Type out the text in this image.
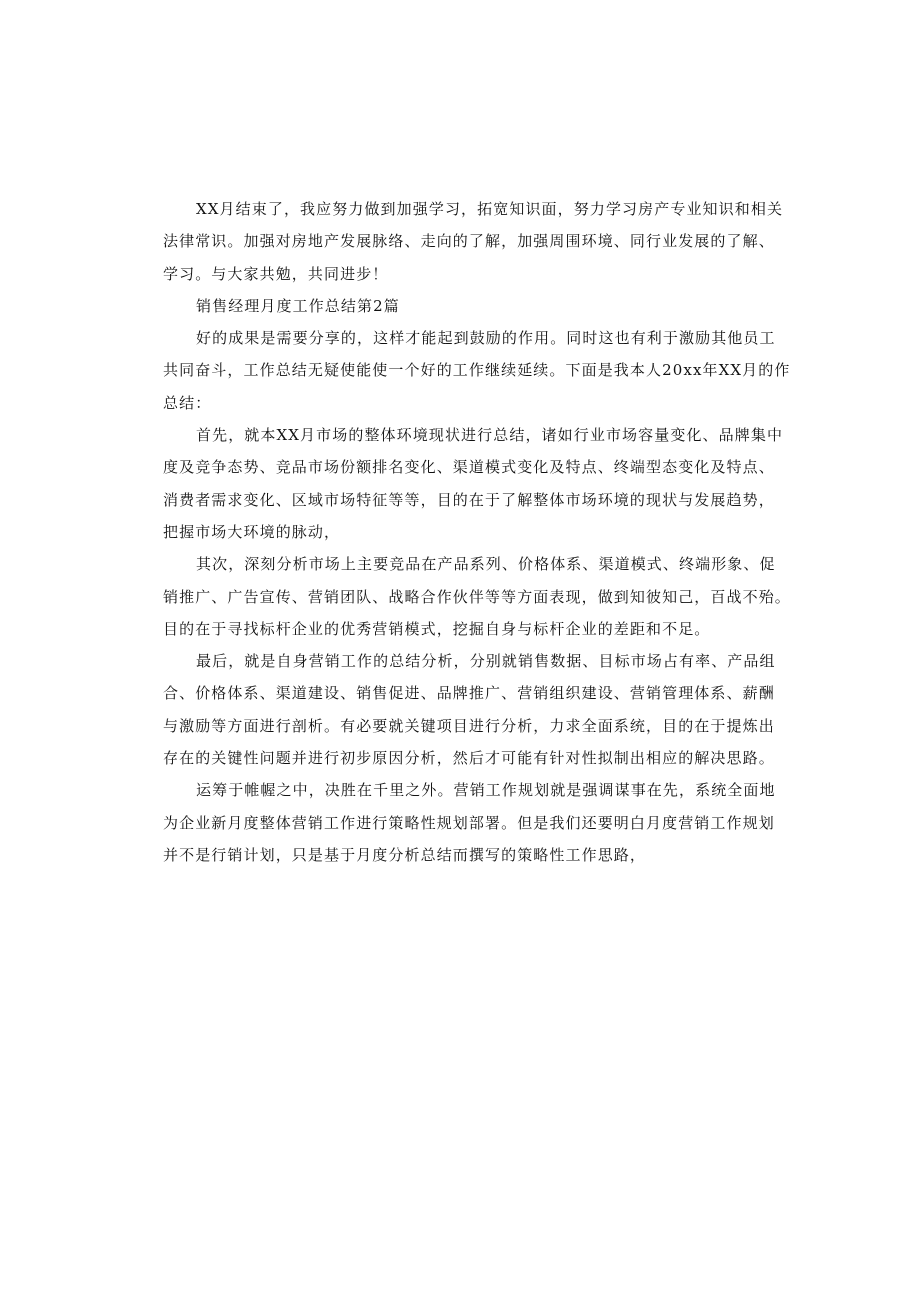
XX月结束了，我应努力做到加强学习，拓宽知识面，努力学习房产专业知识和相关
法律常识。加强对房地产发展脉络、走向的了解，加强周围环境、同行业发展的了解、
学习。与大家共勉，共同进步！
销售经理月度工作总结第2篇
好的成果是需要分享的，这样才能起到鼓励的作用。同时这也有利于激励其他员工
共同奋斗，工作总结无疑使能使一个好的工作继续延续。下面是我本人20xx年XX月的作
总结：
首先，就本XX月市场的整体环境现状进行总结，诸如行业市场容量变化、品牌集中
度及竞争态势、竞品市场份额排名变化、渠道模式变化及特点、终端型态变化及特点、
消费者需求变化、区域市场特征等等，目的在于了解整体市场环境的现状与发展趋势，
把握市场大环境的脉动，
其次，深刻分析市场上主要竞品在产品系列、价格体系、渠道模式、终端形象、促
销推广、广告宣传、营销团队、战略合作伙伴等等方面表现，做到知彼知己，百战不殆。
目的在于寻找标杆企业的优秀营销模式，挖掘自身与标杆企业的差距和不足。
最后，就是自身营销工作的总结分析，分别就销售数据、目标市场占有率、产品组
合、价格体系、渠道建设、销售促进、品牌推广、营销组织建设、营销管理体系、薪酬
与激励等方面进行剖析。有必要就关键项目进行分析，力求全面系统，目的在于提炼出
存在的关键性问题并进行初步原因分析，然后才可能有针对性拟制出相应的解决思路。
运筹于帷幄之中，决胜在千里之外。营销工作规划就是强调谋事在先，系统全面地
为企业新月度整体营销工作进行策略性规划部署。但是我们还要明白月度营销工作规划
并不是行销计划，只是基于月度分析总结而撰写的策略性工作思路，
